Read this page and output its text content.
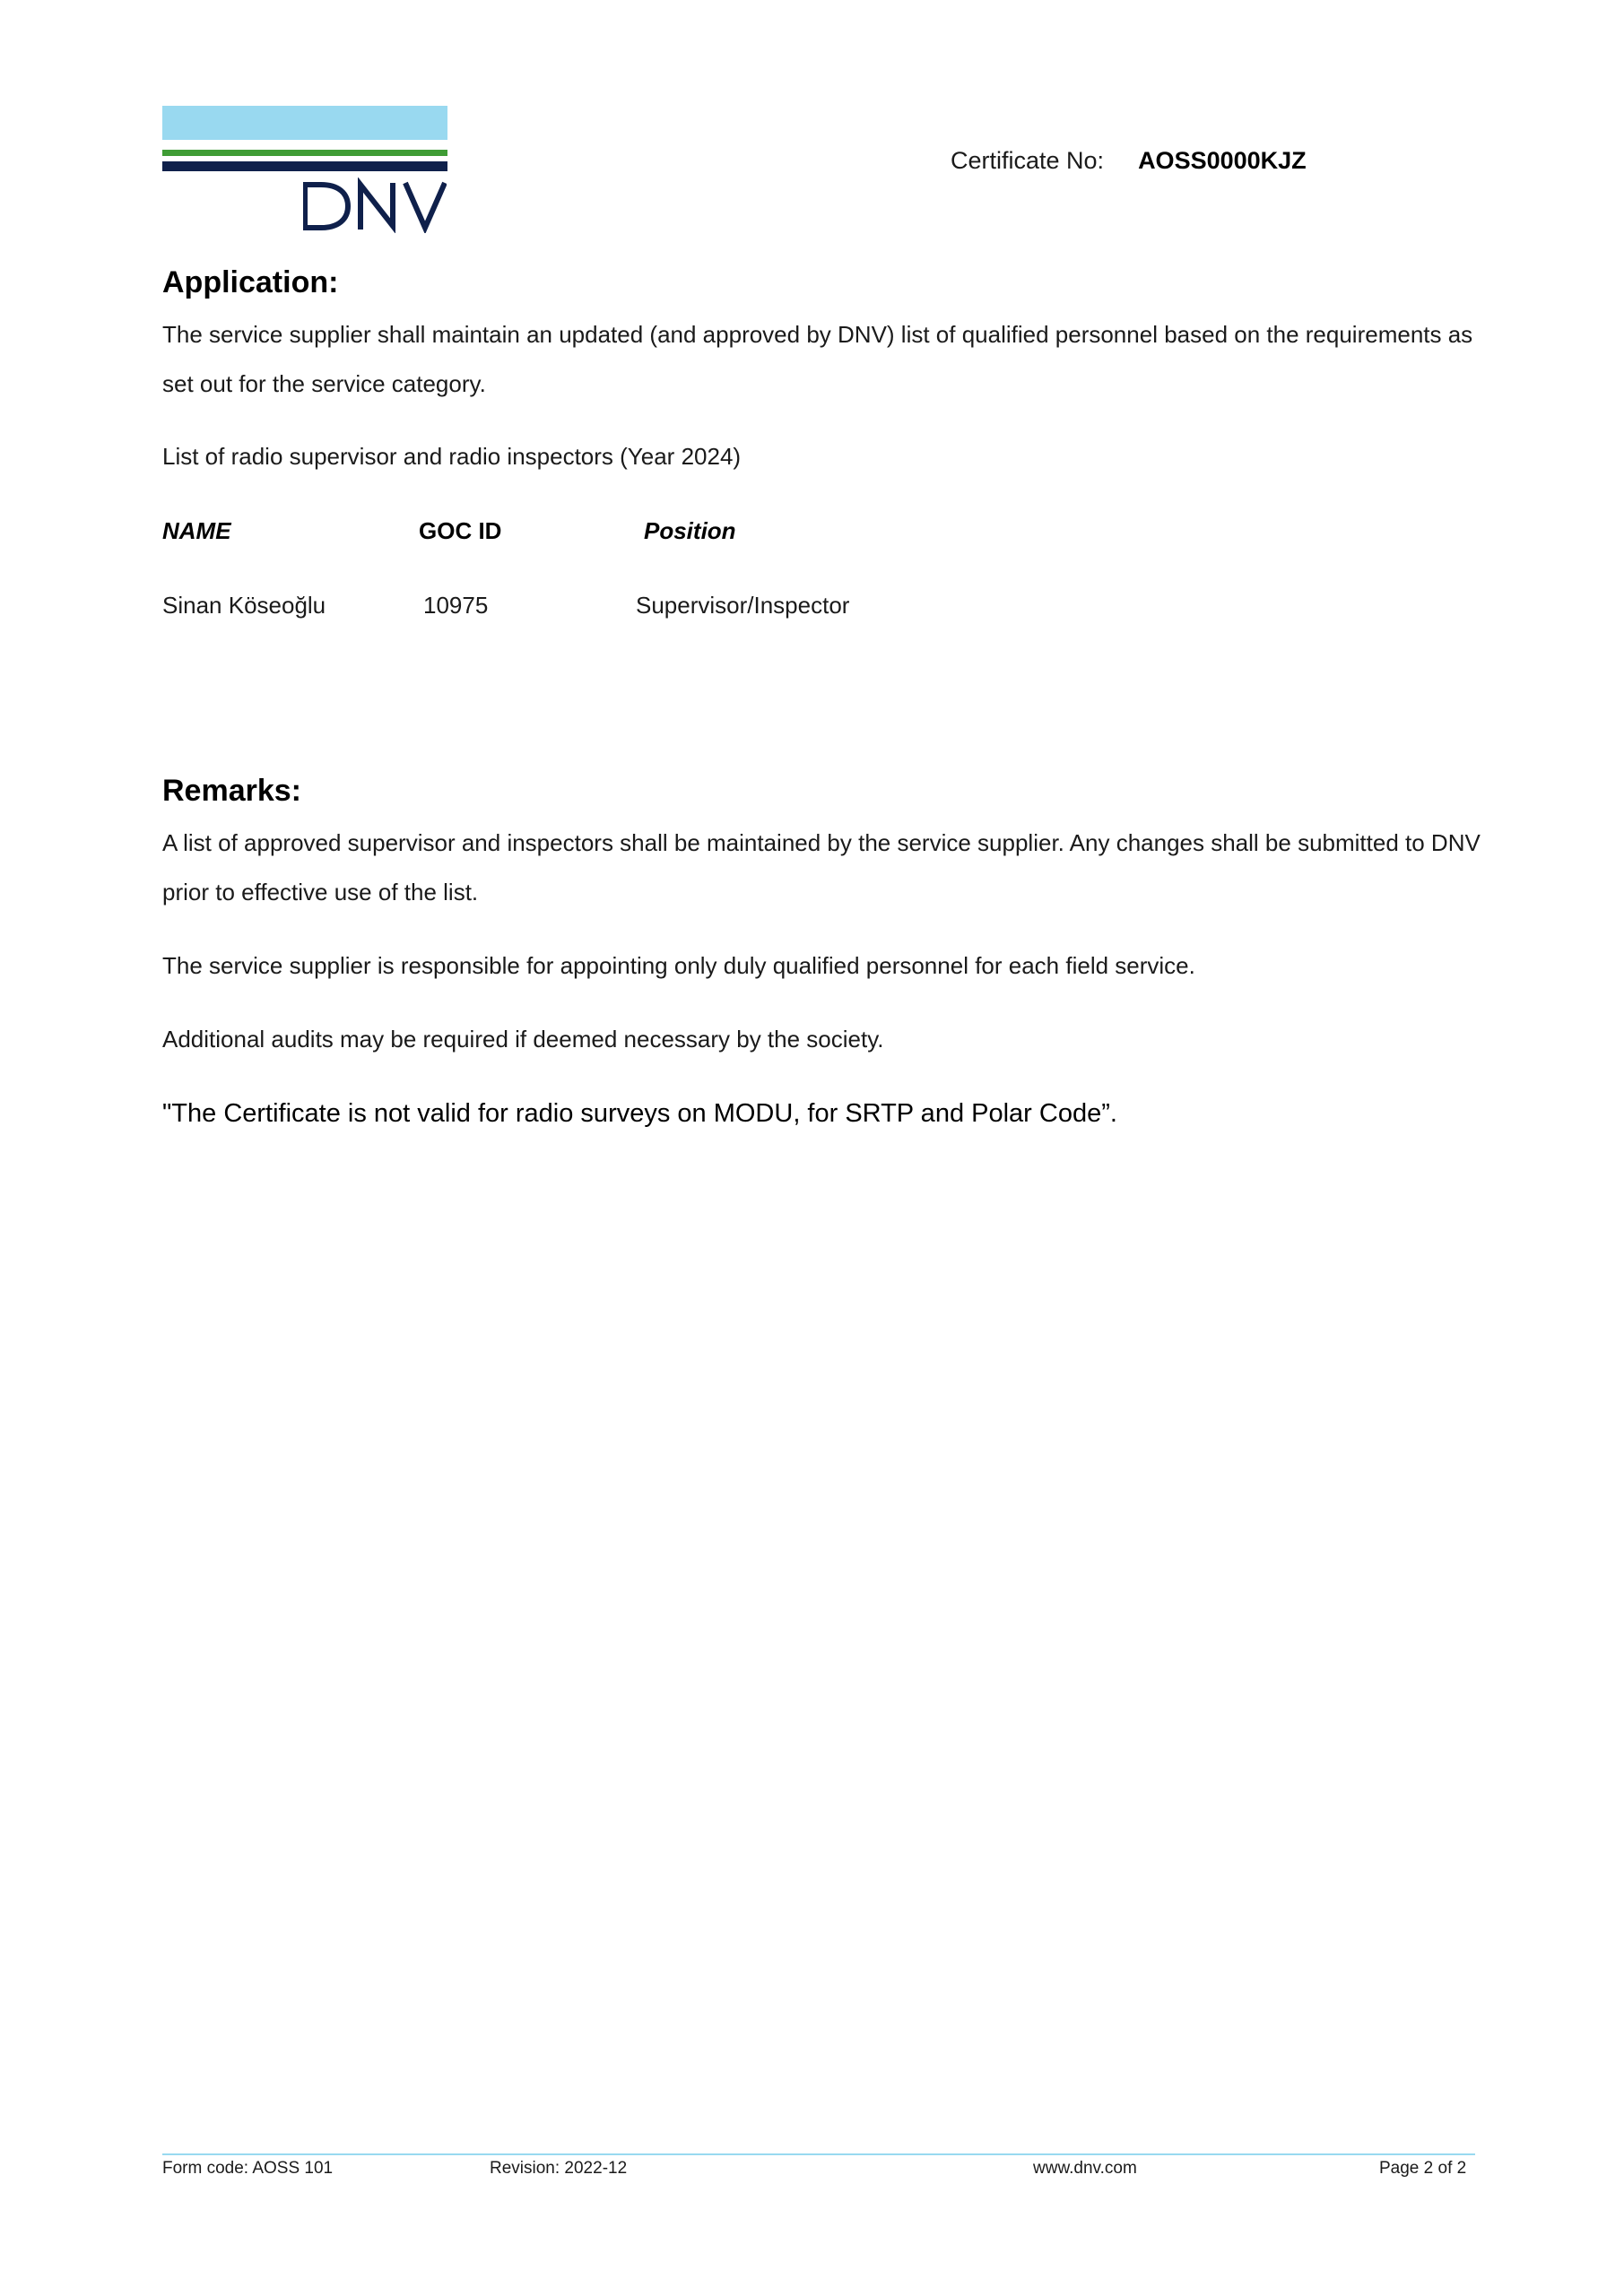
Certificate No: AOSS0000KJZ
Application:
The service supplier shall maintain an updated (and approved by DNV) list of qualified personnel based on the requirements as set out for the service category.
List of radio supervisor and radio inspectors (Year 2024)
NAME	GOC ID	Position
Sinan Köseoğlu	10975	Supervisor/Inspector
Remarks:
A list of approved supervisor and inspectors shall be maintained by the service supplier. Any changes shall be submitted to DNV prior to effective use of the list.
The service supplier is responsible for appointing only duly qualified personnel for each field service.
Additional audits may be required if deemed necessary by the society.
"The Certificate is not valid for radio surveys on MODU, for SRTP and Polar Code”.
Form code: AOSS 101	Revision: 2022-12	www.dnv.com	Page 2 of 2
